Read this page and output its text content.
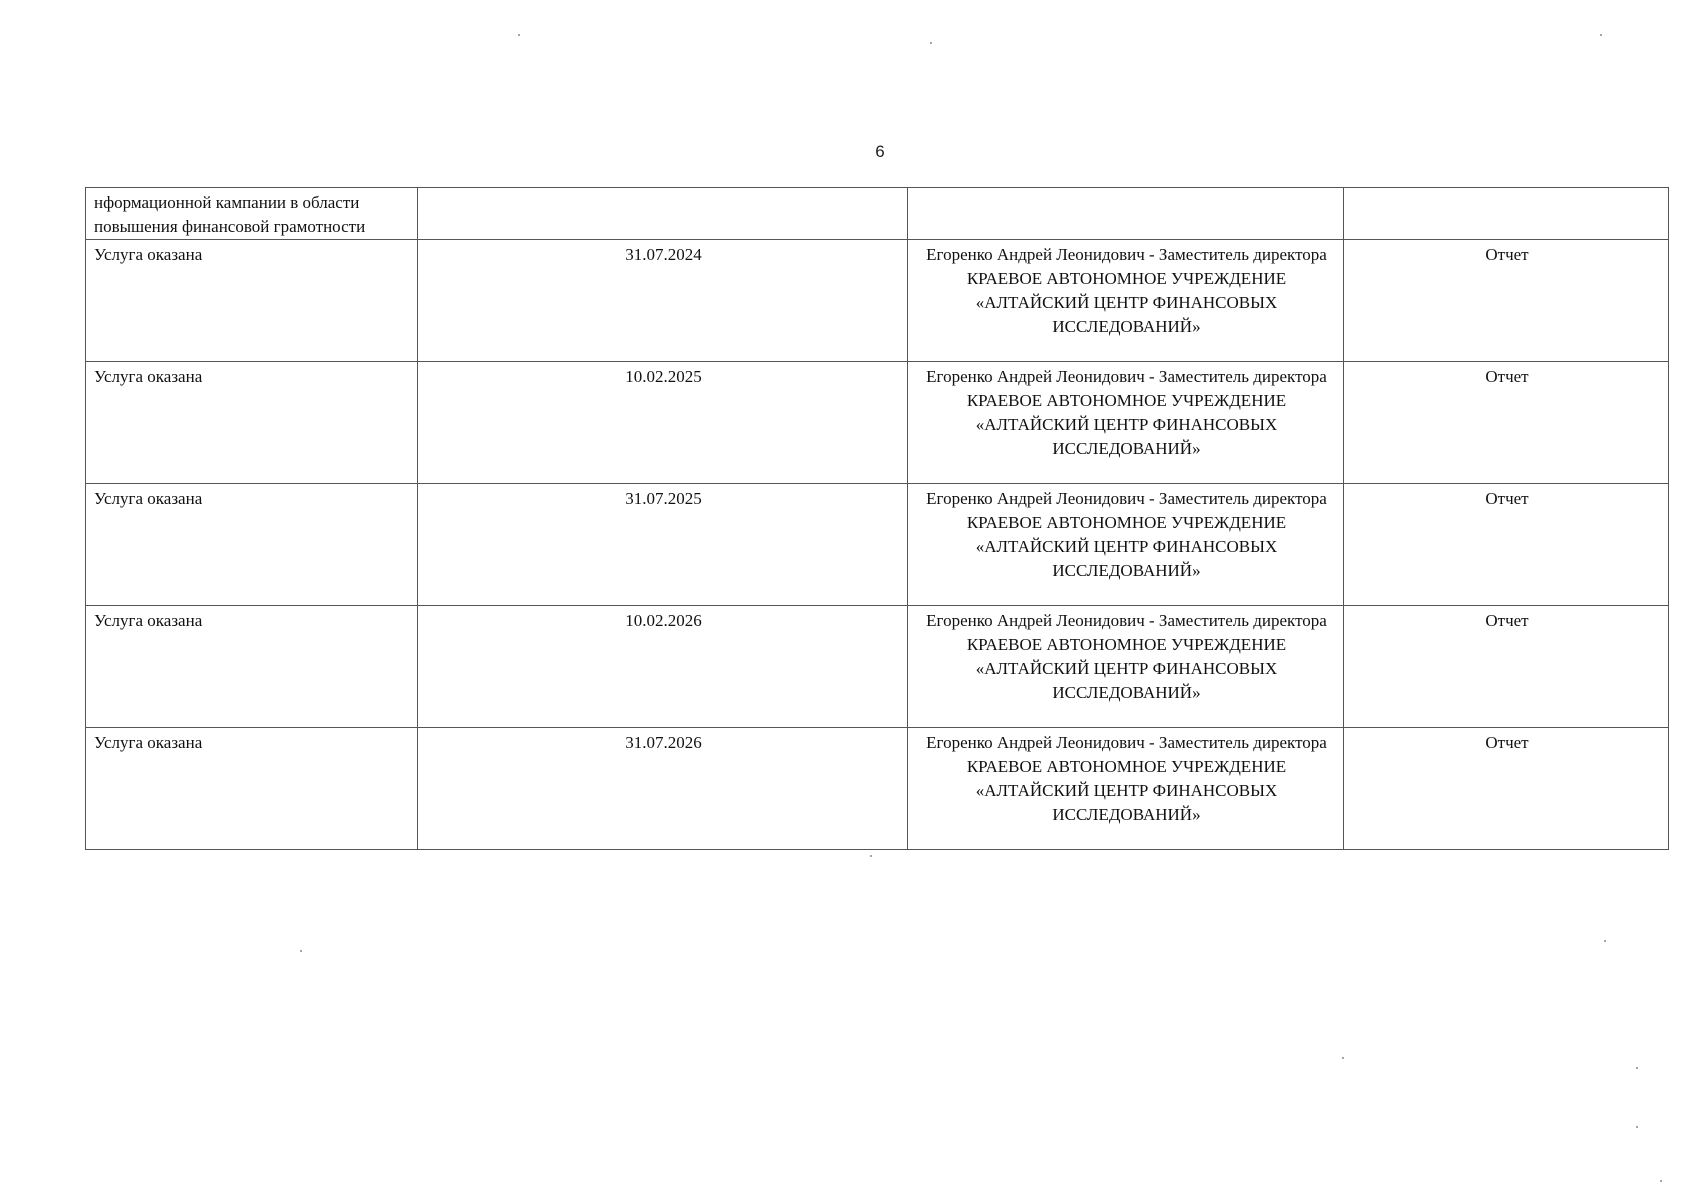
6
нформационной кампании в области повышения финансовой грамотности			
Услуга оказана	31.07.2024	Егоренко Андрей Леонидович - Заместитель директора
КРАЕВОЕ АВТОНОМНОЕ УЧРЕЖДЕНИЕ «АЛТАЙСКИЙ ЦЕНТР ФИНАНСОВЫХ ИССЛЕДОВАНИЙ»	Отчет
Услуга оказана	10.02.2025	Егоренко Андрей Леонидович - Заместитель директора
КРАЕВОЕ АВТОНОМНОЕ УЧРЕЖДЕНИЕ «АЛТАЙСКИЙ ЦЕНТР ФИНАНСОВЫХ ИССЛЕДОВАНИЙ»	Отчет
Услуга оказана	31.07.2025	Егоренко Андрей Леонидович - Заместитель директора
КРАЕВОЕ АВТОНОМНОЕ УЧРЕЖДЕНИЕ «АЛТАЙСКИЙ ЦЕНТР ФИНАНСОВЫХ ИССЛЕДОВАНИЙ»	Отчет
Услуга оказана	10.02.2026	Егоренко Андрей Леонидович - Заместитель директора
КРАЕВОЕ АВТОНОМНОЕ УЧРЕЖДЕНИЕ «АЛТАЙСКИЙ ЦЕНТР ФИНАНСОВЫХ ИССЛЕДОВАНИЙ»	Отчет
Услуга оказана	31.07.2026	Егоренко Андрей Леонидович - Заместитель директора
КРАЕВОЕ АВТОНОМНОЕ УЧРЕЖДЕНИЕ «АЛТАЙСКИЙ ЦЕНТР ФИНАНСОВЫХ ИССЛЕДОВАНИЙ»	Отчет
